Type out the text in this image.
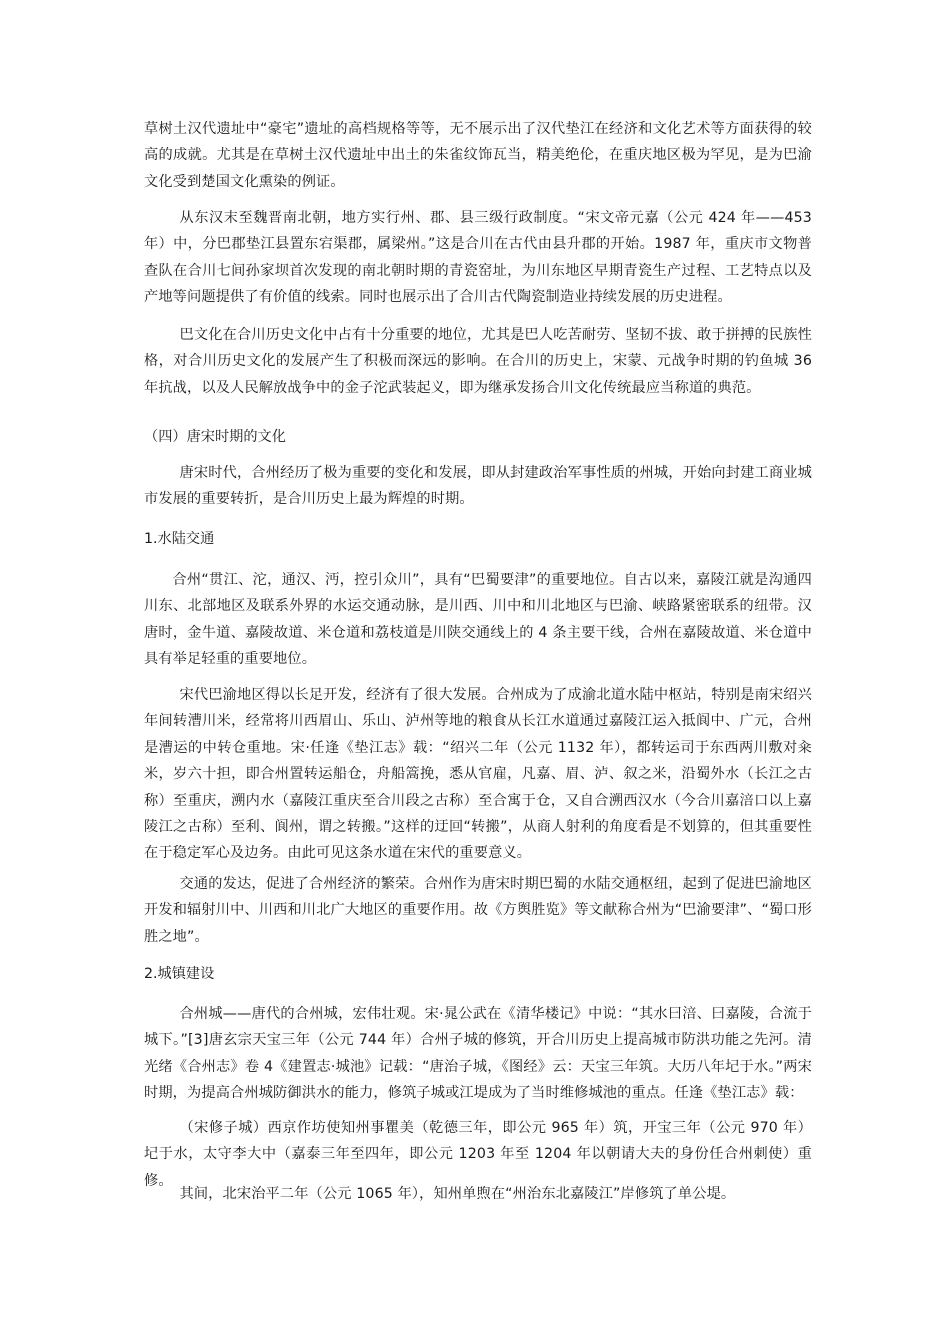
草树土汉代遗址中“豪宅”遗址的高档规格等等，无不展示出了汉代垫江在经济和文化艺术等方面获得的较高的成就。尤其是在草树土汉代遗址中出土的朱雀纹饰瓦当，精美绝伦，在重庆地区极为罕见，是为巴渝文化受到楚国文化熏染的例证。

从东汉末至魏晋南北朝，地方实行州、郡、县三级行政制度。“宋文帝元嘉（公元 424 年——453 年）中，分巴郡垫江县置东宕渠郡，属梁州。”这是合川在古代由县升郡的开始。1987 年，重庆市文物普查队在合川七间孙家坝首次发现的南北朝时期的青瓷窑址，为川东地区早期青瓷生产过程、工艺特点以及产地等问题提供了有价值的线索。同时也展示出了合川古代陶瓷制造业持续发展的历史进程。

巴文化在合川历史文化中占有十分重要的地位，尤其是巴人吃苦耐劳、坚韧不拔、敢于拼搏的民族性格，对合川历史文化的发展产生了积极而深远的影响。在合川的历史上，宋蒙、元战争时期的钓鱼城 36 年抗战，以及人民解放战争中的金子沱武装起义，即为继承发扬合川文化传统最应当称道的典范。

（四）唐宋时期的文化

唐宋时代，合州经历了极为重要的变化和发展，即从封建政治军事性质的州城，开始向封建工商业城市发展的重要转折，是合川历史上最为辉煌的时期。

1.水陆交通

合州“贯江、沱，通汉、沔，控引众川”，具有“巴蜀要津”的重要地位。自古以来，嘉陵江就是沟通四川东、北部地区及联系外界的水运交通动脉，是川西、川中和川北地区与巴渝、峡路紧密联系的纽带。汉唐时，金牛道、嘉陵故道、米仓道和荔枝道是川陕交通线上的 4 条主要干线，合州在嘉陵故道、米仓道中具有举足轻重的重要地位。

宋代巴渝地区得以长足开发，经济有了很大发展。合州成为了成渝北道水陆中枢站，特别是南宋绍兴年间转漕川米，经常将川西眉山、乐山、泸州等地的粮食从长江水道通过嘉陵江运入抵阆中、广元，合州是漕运的中转仓重地。宋·任逢《垫江志》载：“绍兴二年（公元 1132 年），都转运司于东西两川敷对籴米，岁六十担，即合州置转运船仓，舟船篙挽，悉从官雇，凡嘉、眉、泸、叙之米，沿蜀外水（长江之古称）至重庆，溯内水（嘉陵江重庆至合川段之古称）至合寓于仓，又自合溯西汉水（今合川嘉涪口以上嘉陵江之古称）至利、阆州，谓之转搬。”这样的迂回“转搬”，从商人射利的角度看是不划算的，但其重要性在于稳定军心及边务。由此可见这条水道在宋代的重要意义。

交通的发达，促进了合州经济的繁荣。合州作为唐宋时期巴蜀的水陆交通枢纽，起到了促进巴渝地区开发和辐射川中、川西和川北广大地区的重要作用。故《方舆胜览》等文献称合州为“巴渝要津”、“蜀口形胜之地”。

2.城镇建设

合州城——唐代的合州城，宏伟壮观。宋·晁公武在《清华楼记》中说：“其水曰涪、曰嘉陵，合流于城下。”[3]唐玄宗天宝三年（公元 744 年）合州子城的修筑，开合川历史上提高城市防洪功能之先河。清光绪《合州志》卷 4《建置志·城池》记载：“唐治子城，《图经》云：天宝三年筑。大历八年圮于水。”两宋时期，为提高合州城防御洪水的能力，修筑子城或江堤成为了当时维修城池的重点。任逢《垫江志》载：

（宋修子城）西京作坊使知州事瞿美（乾德三年，即公元 965 年）筑，开宝三年（公元 970 年）圮于水，太守李大中（嘉泰三年至四年，即公元 1203 年至 1204 年以朝请大夫的身份任合州刺使）重修。

其间，北宋治平二年（公元 1065 年），知州单煦在“州治东北嘉陵江”岸修筑了单公堤。
